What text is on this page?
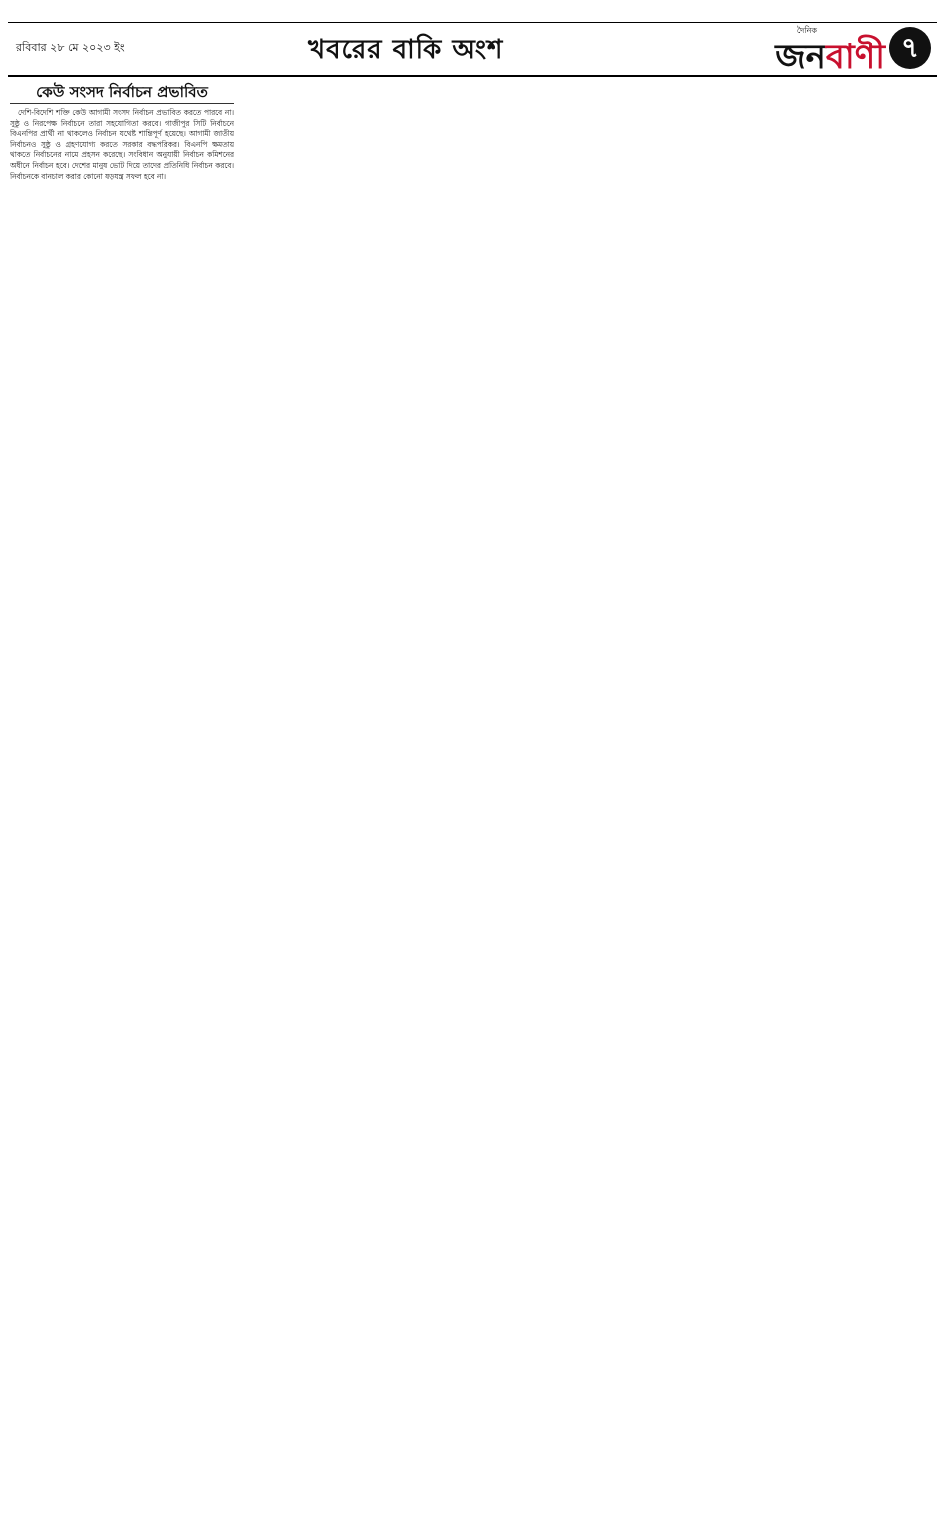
রবিবার ২৮ মে ২০২৩ ইং	খবরের বাকি অংশ
দৈনিক
জনবাণী ৭
কেউ সংসদ নির্বাচন প্রভাবিত

দেশি-বিদেশি শক্তি কেউ আগামী সংসদ নির্বাচন প্রভাবিত করতে পারবে না। সুষ্ঠু ও নিরপেক্ষ নির্বাচনে তারা সহযোগিতা করবে। গাজীপুর সিটি নির্বাচনে বিএনপির প্রার্থী না থাকলেও নির্বাচন যথেষ্ট শান্তিপূর্ণ হয়েছে। আগামী জাতীয় নির্বাচনও সুষ্ঠু ও গ্রহণযোগ্য করতে সরকার বদ্ধপরিকর। বিএনপি ক্ষমতায় থাকতে নির্বাচনের নামে প্রহসন করেছে। সংবিধান অনুযায়ী নির্বাচন কমিশনের অধীনে নির্বাচন হবে। দেশের মানুষ ভোট দিয়ে তাদের প্রতিনিধি নির্বাচন করবে। নির্বাচনকে বানচাল করার কোনো ষড়যন্ত্র সফল হবে না।
